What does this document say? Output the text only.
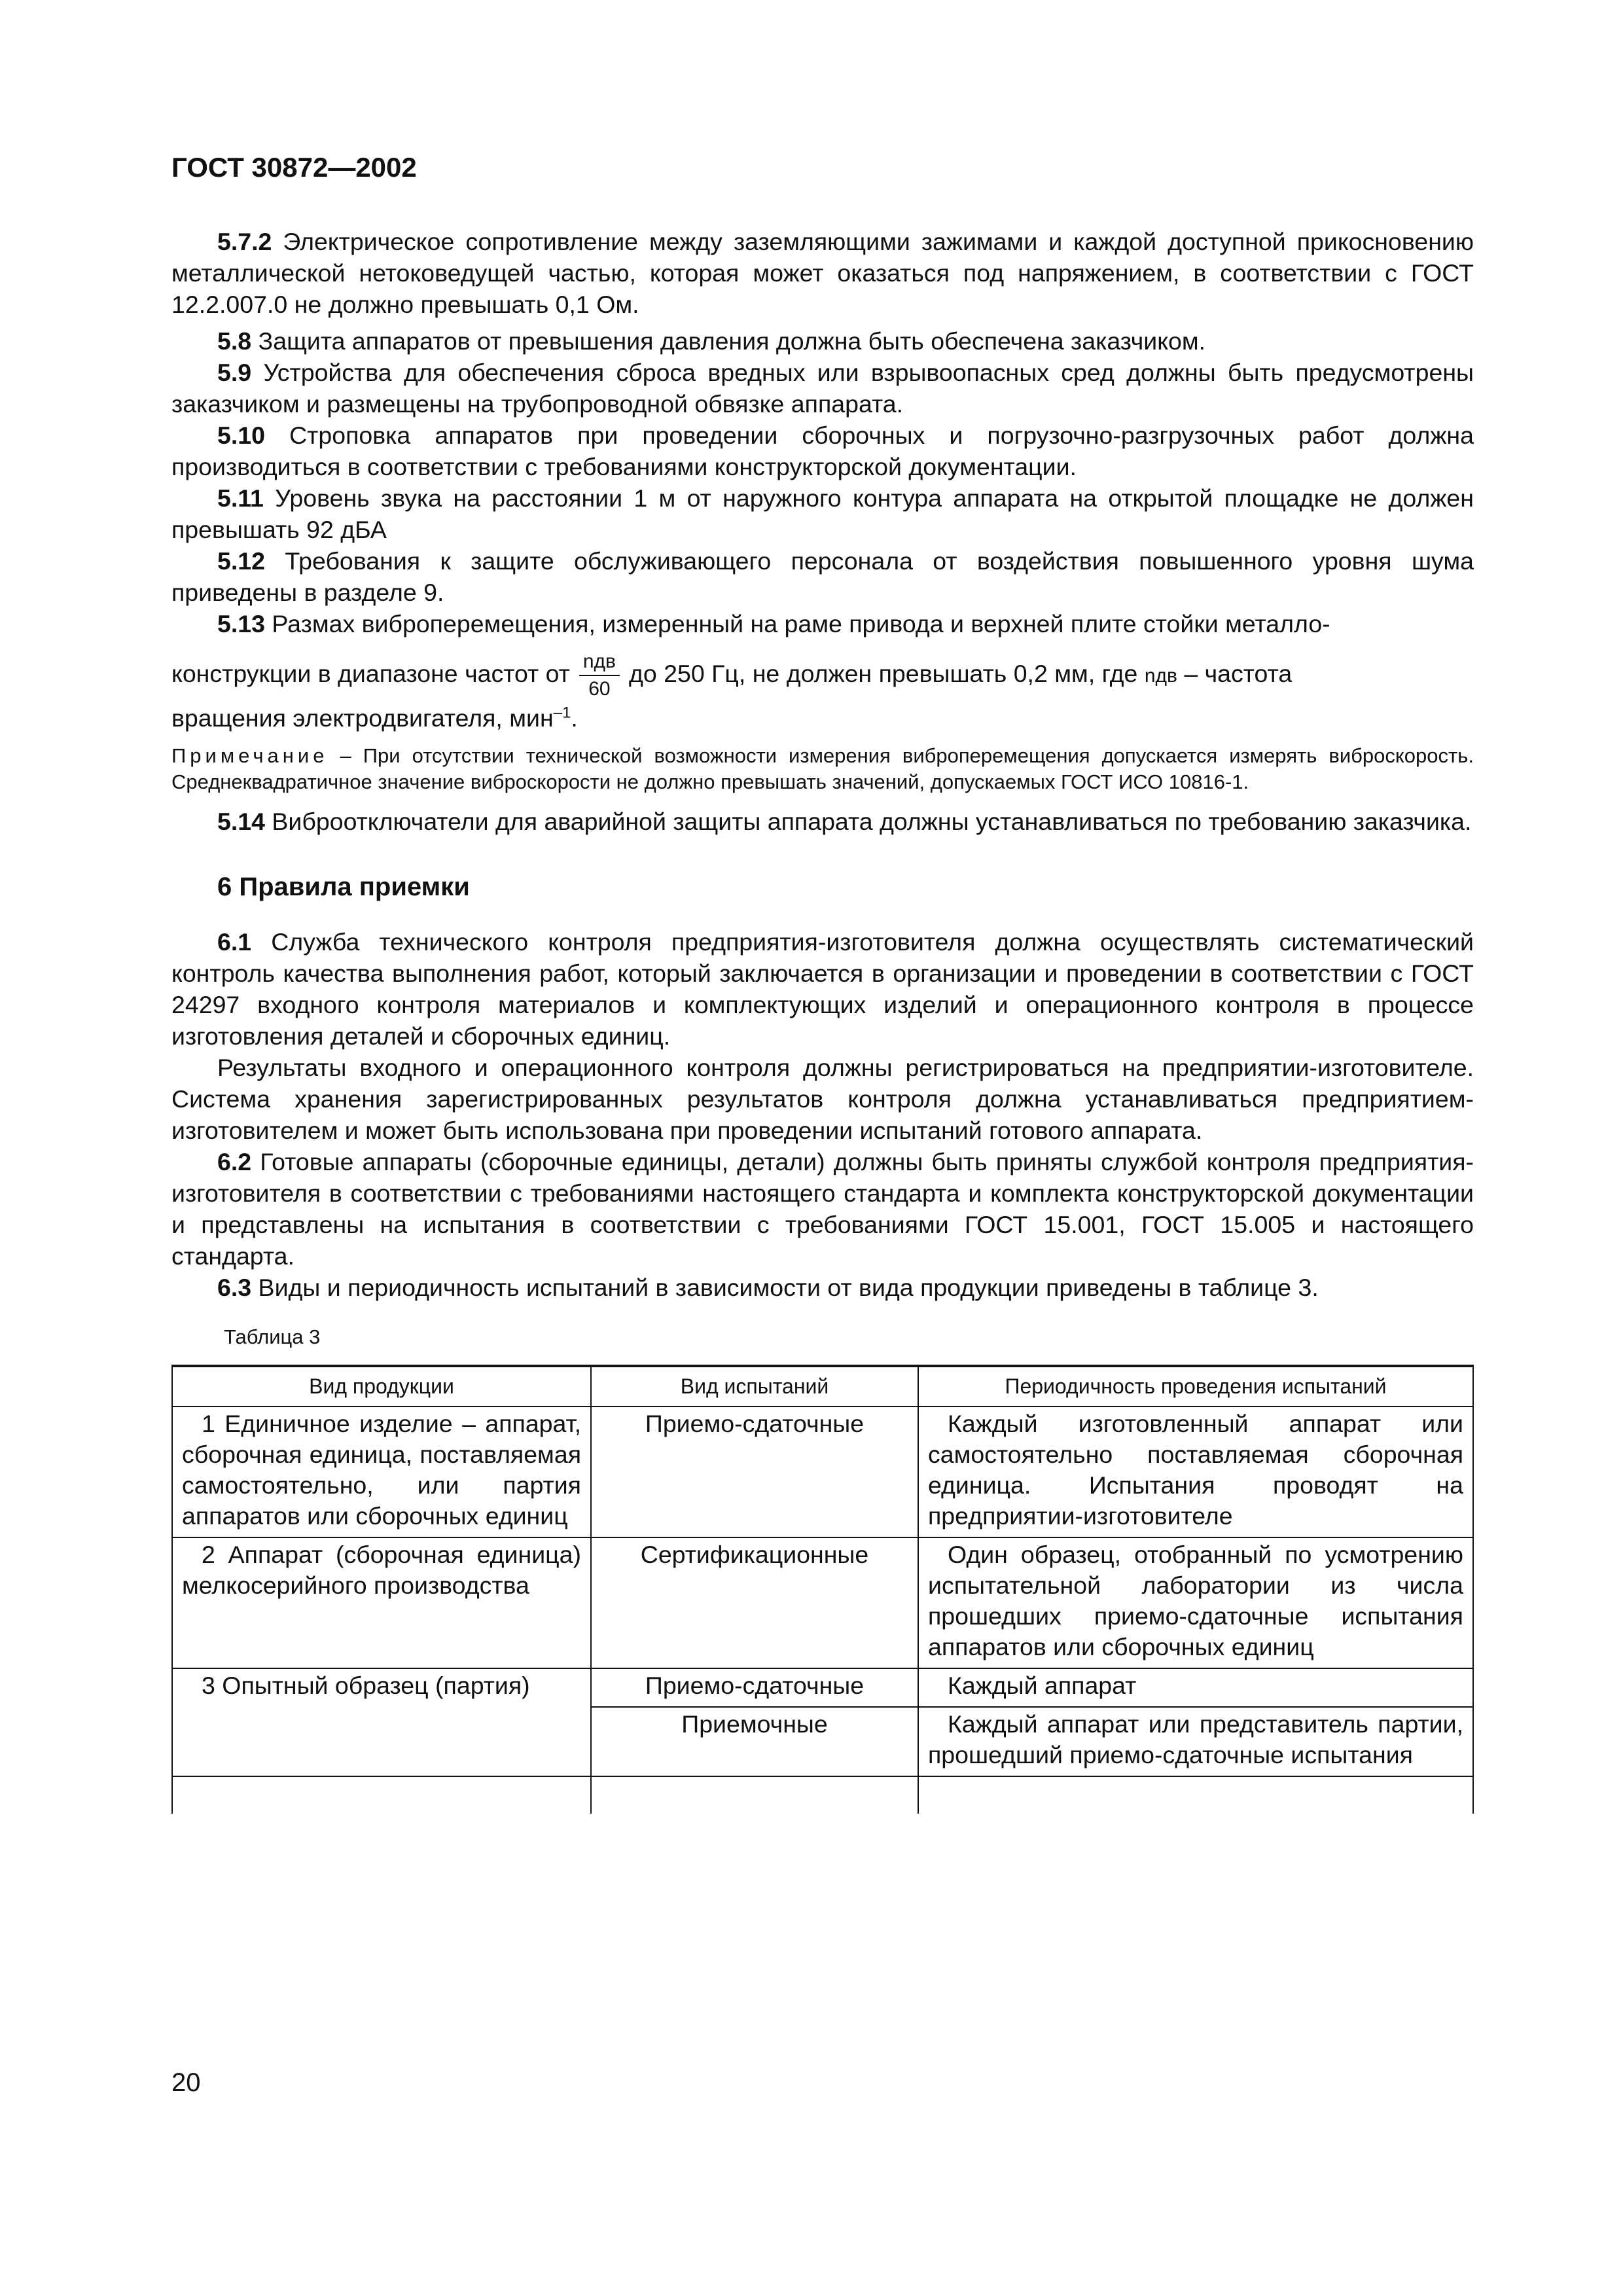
ГОСТ 30872—2002

5.7.2 Электрическое сопротивление между заземляющими зажимами и каждой доступной прикосновению металлической нетоковедущей частью, которая может оказаться под напряжением, в соответствии с ГОСТ 12.2.007.0 не должно превышать 0,1 Ом.

5.8 Защита аппаратов от превышения давления должна быть обеспечена заказчиком.

5.9 Устройства для обеспечения сброса вредных или взрывоопасных сред должны быть предусмотрены заказчиком и размещены на трубопроводной обвязке аппарата.

5.10 Строповка аппаратов при проведении сборочных и погрузочно-разгрузочных работ должна производиться в соответствии с требованиями конструкторской документации.

5.11 Уровень звука на расстоянии 1 м от наружного контура аппарата на открытой площадке не должен превышать 92 дБА

5.12 Требования к защите обслуживающего персонала от воздействия повышенного уровня шума приведены в разделе 9.

5.13 Размах виброперемещения, измеренный на раме привода и верхней плите стойки металло-

конструкции в диапазоне частот от $\frac{\text{nдв}}{60}$ до 250 Гц, не должен превышать 0,2 мм, где nдв – частота
вращения электродвигателя, мин$^{-1}$.

Примечание – При отсутствии технической возможности измерения виброперемещения допускается измерять виброскорость. Среднеквадратичное значение виброскорости не должно превышать значений, допускаемых ГОСТ ИСО 10816-1.

5.14 Виброотключатели для аварийной защиты аппарата должны устанавливаться по требованию заказчика.

6 Правила приемки

6.1 Служба технического контроля предприятия-изготовителя должна осуществлять систематический контроль качества выполнения работ, который заключается в организации и проведении в соответствии с ГОСТ 24297 входного контроля материалов и комплектующих изделий и операционного контроля в процессе изготовления деталей и сборочных единиц.

Результаты входного и операционного контроля должны регистрироваться на предприятии-изготовителе. Система хранения зарегистрированных результатов контроля должна устанавливаться предприятием-изготовителем и может быть использована при проведении испытаний готового аппарата.

6.2 Готовые аппараты (сборочные единицы, детали) должны быть приняты службой контроля предприятия-изготовителя в соответствии с требованиями настоящего стандарта и комплекта конструкторской документации и представлены на испытания в соответствии с требованиями ГОСТ 15.001, ГОСТ 15.005 и настоящего стандарта.

6.3 Виды и периодичность испытаний в зависимости от вида продукции приведены в таблице 3.

Таблица 3
Вид продукции	Вид испытаний	Периодичность проведения испытаний
1 Единичное изделие – аппарат, сборочная единица, поставляемая самостоятельно, или партия аппаратов или сборочных единиц	Приемо-сдаточные	Каждый изготовленный аппарат или самостоятельно поставляемая сборочная единица. Испытания проводят на предприятии-изготовителе
2 Аппарат (сборочная единица) мелкосерийного производства	Сертификационные	Один образец, отобранный по усмотрению испытательной лаборатории из числа прошедших приемо-сдаточные испытания аппаратов или сборочных единиц
3 Опытный образец (партия)	Приемо-сдаточные	Каждый аппарат
	Приемочные	Каждый аппарат или представитель партии, прошедший приемо-сдаточные испытания

20
